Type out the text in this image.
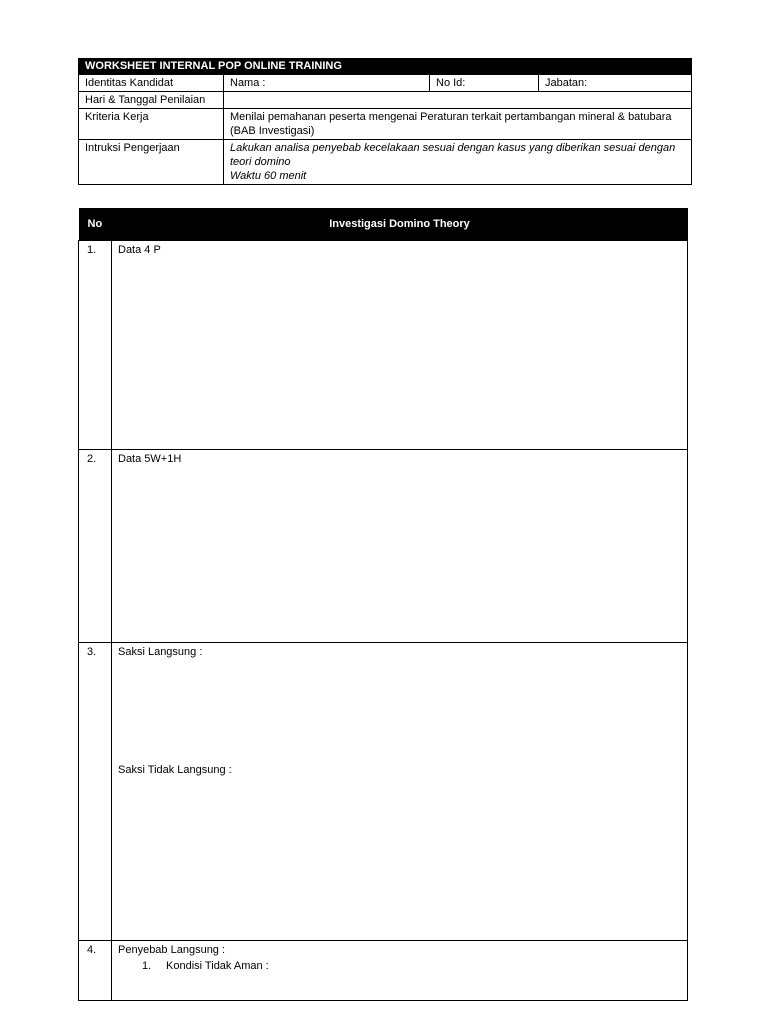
WORKSHEET INTERNAL POP ONLINE TRAINING			
Identitas Kandidat	Nama :	No Id:	Jabatan:
Hari & Tanggal Penilaian			
Kriteria Kerja	Menilai pemahanan peserta mengenai Peraturan terkait pertambangan mineral & batubara (BAB Investigasi)		
Intruksi Pengerjaan	Lakukan analisa penyebab kecelakaan sesuai dengan kasus yang diberikan sesuai dengan teori domino
Waktu 60 menit		
No	Investigasi Domino Theory
1.	Data 4 P
2.	Data 5W+1H
3.	Saksi Langsung :
Saksi Tidak Langsung :

4.	Penyebab Langsung :
1. Kondisi Tidak Aman :
